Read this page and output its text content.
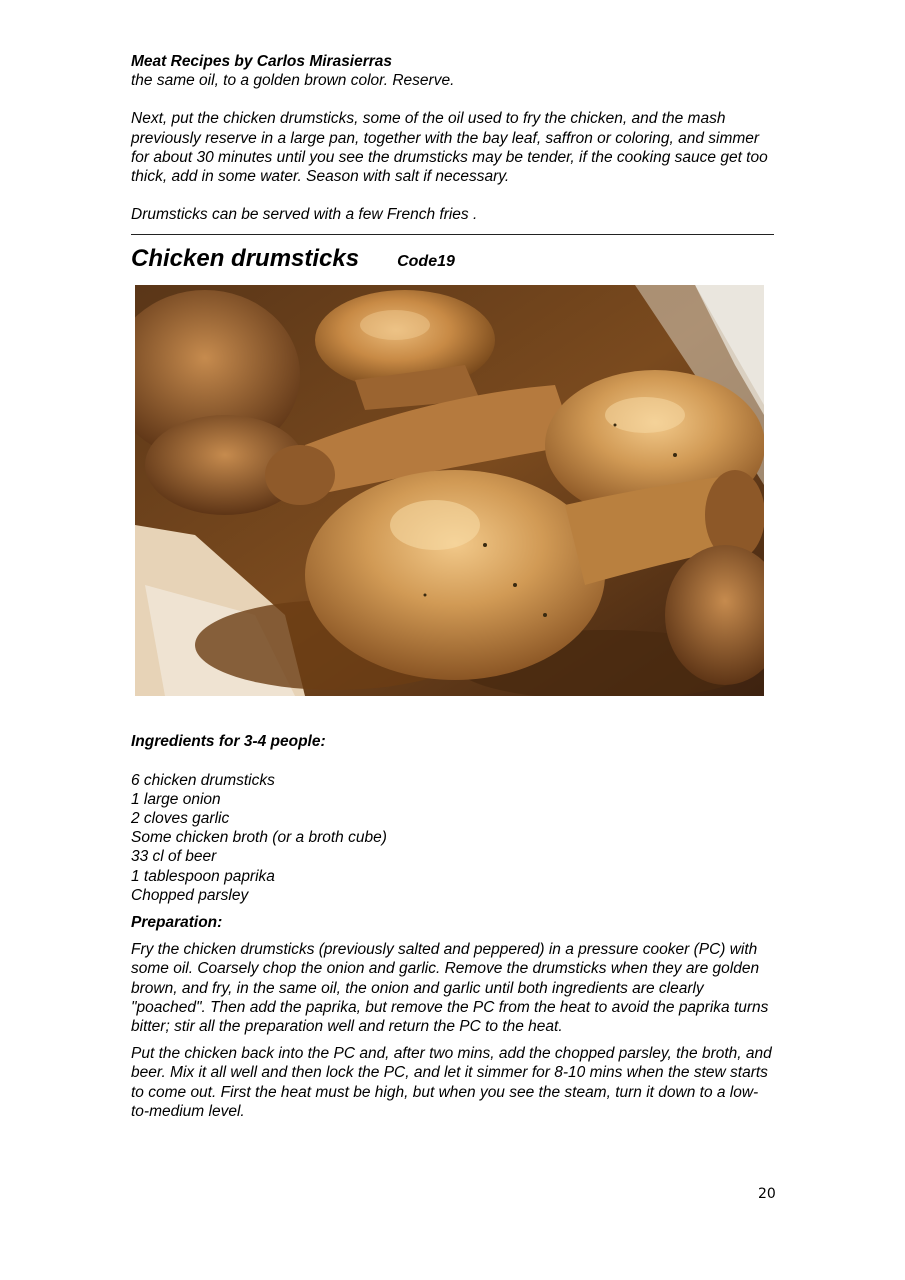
Meat Recipes by Carlos Mirasierras

the same oil, to a golden brown color. Reserve.

Next, put the chicken drumsticks, some of the oil used to fry the chicken, and the mash previously reserve in a large pan, together with the bay leaf, saffron or coloring, and simmer for about 30 minutes until you see the drumsticks may be tender, if the cooking sauce get too thick, add in some water. Season with salt if necessary.

Drumsticks can be served with a few French fries .

Chicken drumsticks Code19

Ingredients for 3-4 people:

6 chicken drumsticks

1 large onion

2 cloves garlic

Some chicken broth (or a broth cube)

33 cl of beer

1 tablespoon paprika

Chopped parsley

Preparation:

Fry the chicken drumsticks (previously salted and peppered) in a pressure cooker (PC) with some oil. Coarsely chop the onion and garlic. Remove the drumsticks when they are golden brown, and fry, in the same oil, the onion and garlic until both ingredients are clearly "poached". Then add the paprika, but remove the PC from the heat to avoid the paprika turns bitter; stir all the preparation well and return the PC to the heat.

Put the chicken back into the PC and, after two mins, add the chopped parsley, the broth, and beer. Mix it all well and then lock the PC, and let it simmer for 8-10 mins when the stew starts to come out. First the heat must be high, but when you see the steam, turn it down to a low-to-medium level.

20
